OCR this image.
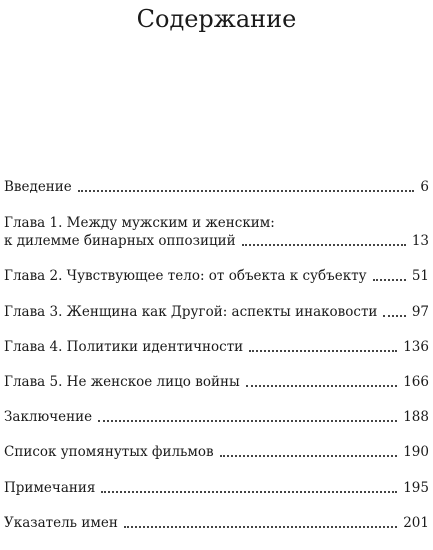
Содержание
Введение	6
Глава 1. Между мужским и женским:
к дилемме бинарных оппозиций	13
Глава 2. Чувствующее тело: от объекта к субъекту	51
Глава 3. Женщина как Другой: аспекты инаковости	97
Глава 4. Политики идентичности	136
Глава 5. Не женское лицо войны	166
Заключение	188
Список упомянутых фильмов	190
Примечания	195
Указатель имен	201
